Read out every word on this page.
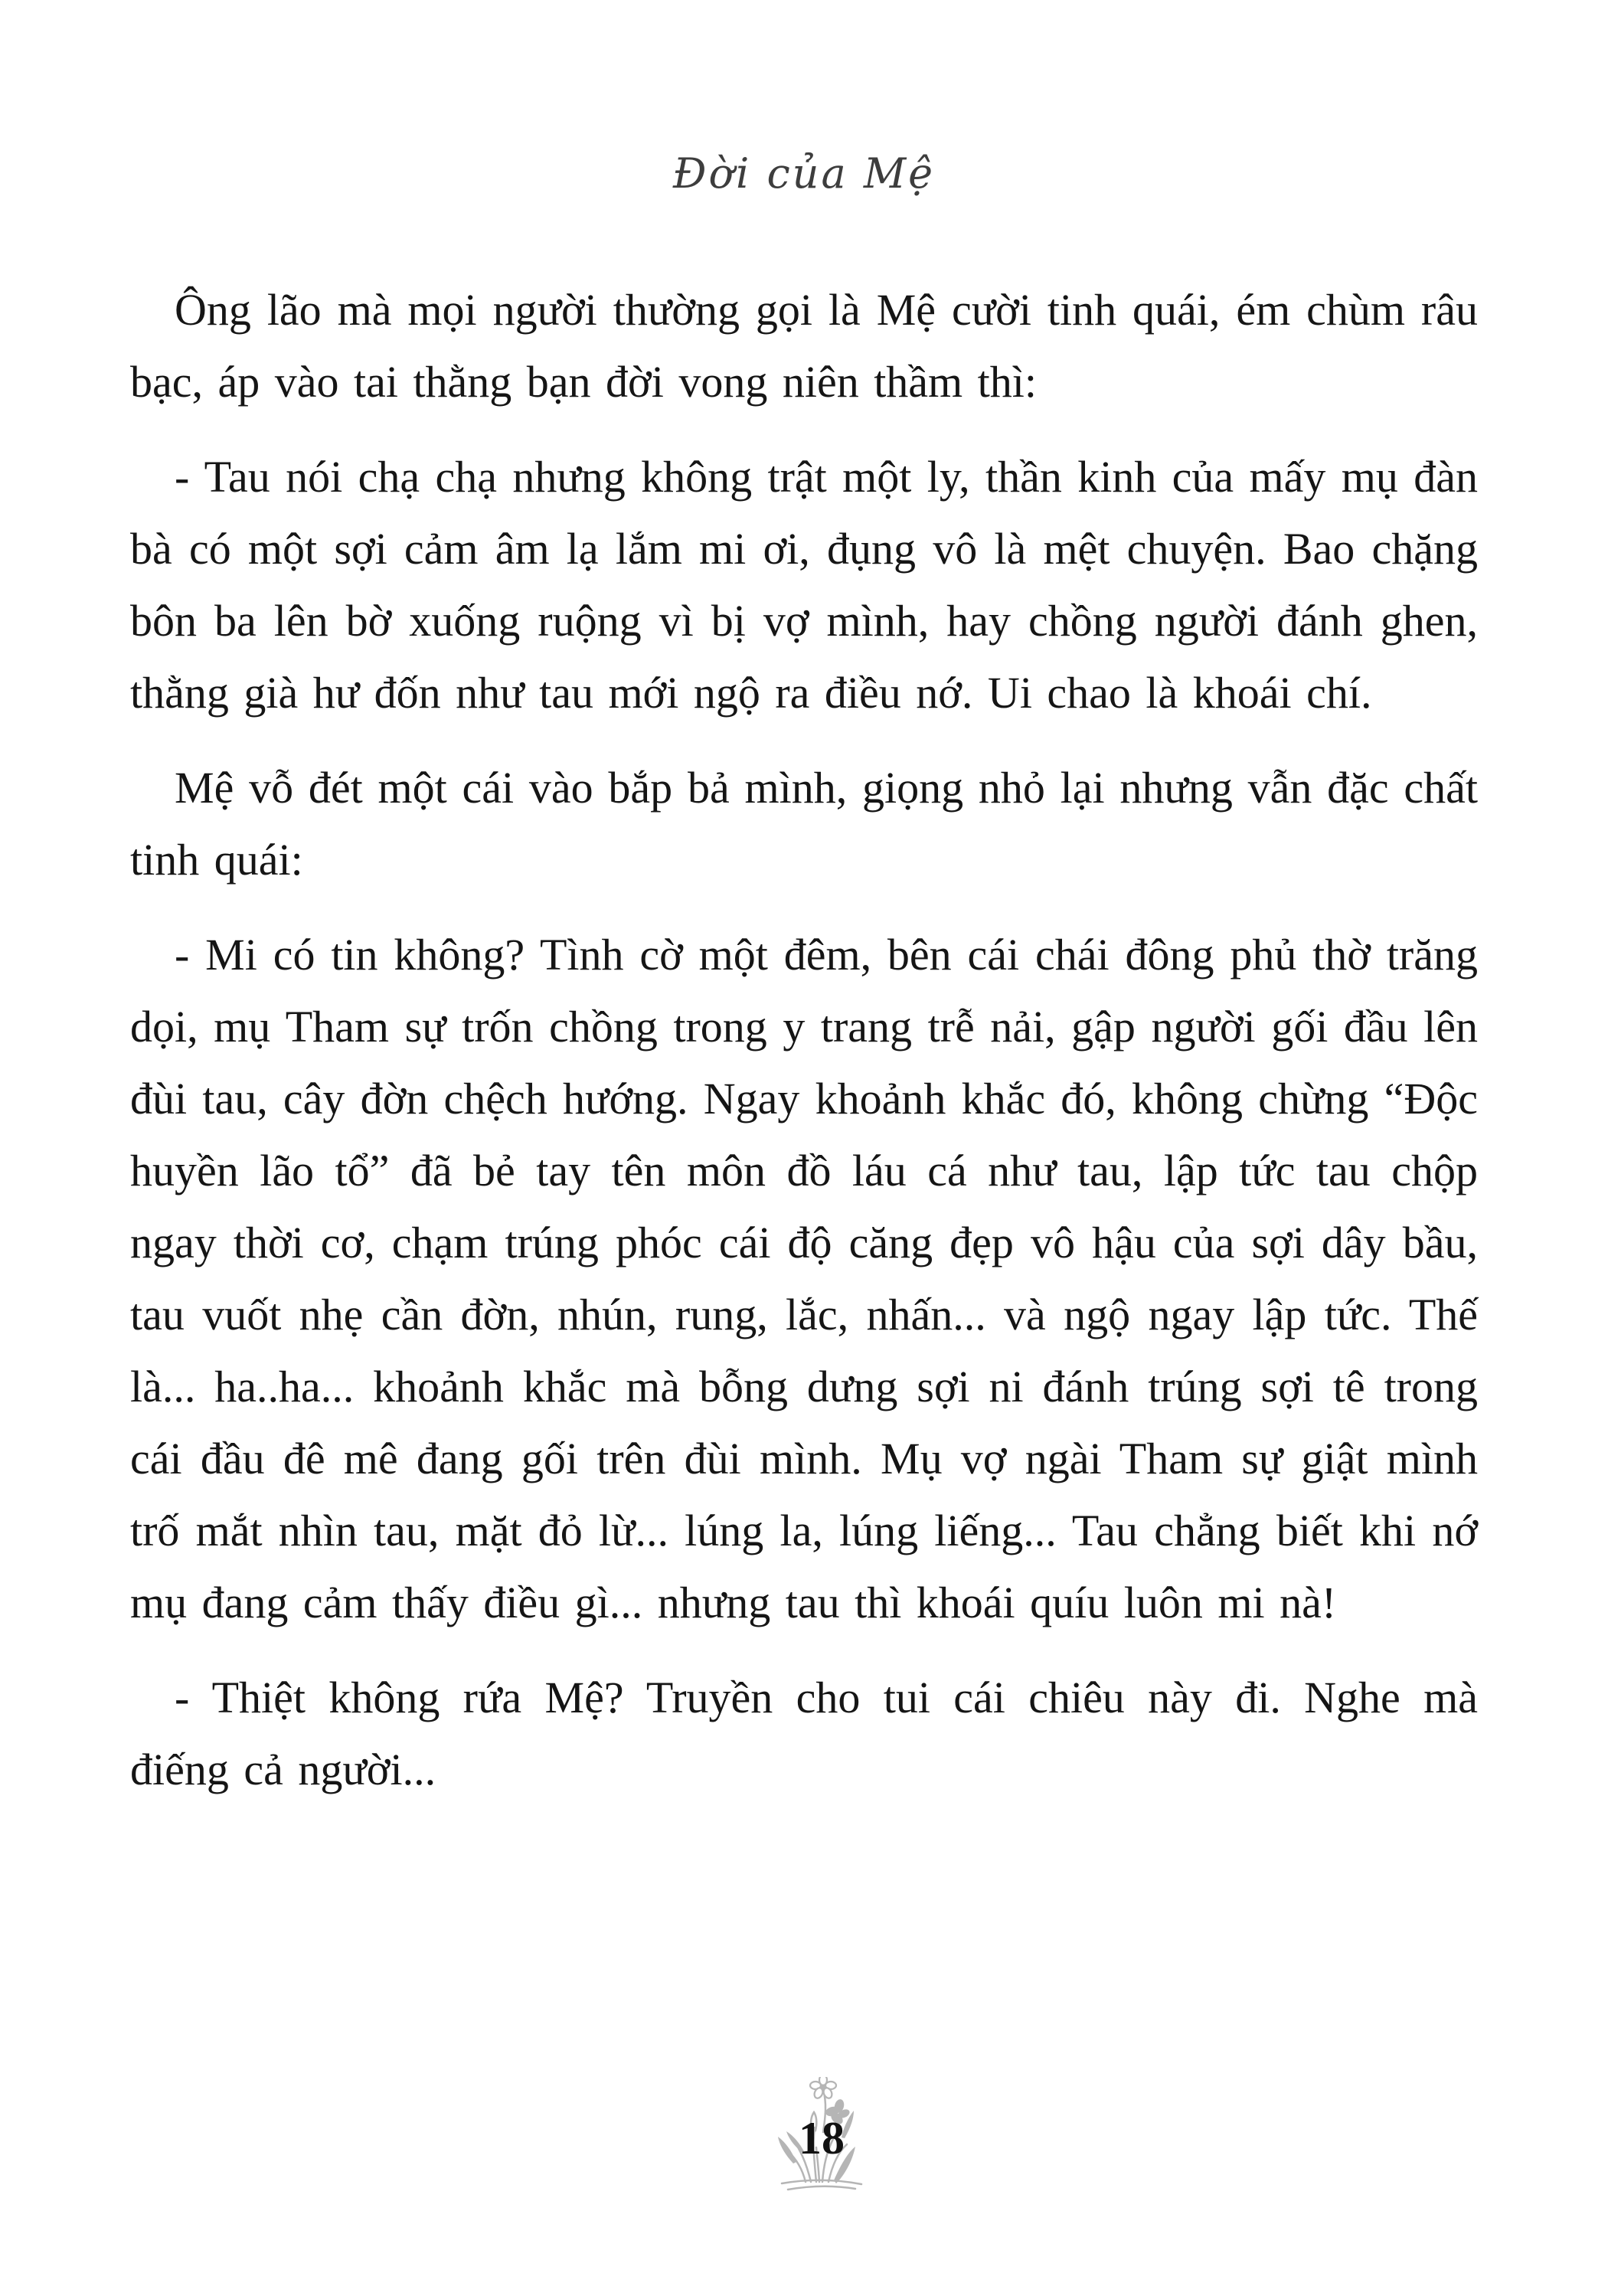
Đời của Mệ

Ông lão mà mọi người thường gọi là Mệ cười tinh quái, ém chùm râu bạc, áp vào tai thằng bạn đời vong niên thầm thì:

- Tau nói chạ chạ nhưng không trật một ly, thần kinh của mấy mụ đàn bà có một sợi cảm âm lạ lắm mi ơi, đụng vô là mệt chuyện. Bao chặng bôn ba lên bờ xuống ruộng vì bị vợ mình, hay chồng người đánh ghen, thằng già hư đốn như tau mới ngộ ra điều nớ. Ui chao là khoái chí.

Mệ vỗ đét một cái vào bắp bả mình, giọng nhỏ lại nhưng vẫn đặc chất tinh quái:

- Mi có tin không? Tình cờ một đêm, bên cái chái đông phủ thờ trăng dọi, mụ Tham sự trốn chồng trong y trang trễ nải, gập người gối đầu lên đùi tau, cây đờn chệch hướng. Ngay khoảnh khắc đó, không chừng “Độc huyền lão tổ” đã bẻ tay tên môn đồ láu cá như tau, lập tức tau chộp ngay thời cơ, chạm trúng phóc cái độ căng đẹp vô hậu của sợi dây bầu, tau vuốt nhẹ cần đờn, nhún, rung, lắc, nhấn... và ngộ ngay lập tức. Thế là... ha..ha... khoảnh khắc mà bỗng dưng sợi ni đánh trúng sợi tê trong cái đầu đê mê đang gối trên đùi mình. Mụ vợ ngài Tham sự giật mình trố mắt nhìn tau, mặt đỏ lừ... lúng la, lúng liếng... Tau chẳng biết khi nớ mụ đang cảm thấy điều gì... nhưng tau thì khoái quíu luôn mi nà!

- Thiệt không rứa Mệ? Truyền cho tui cái chiêu này đi. Nghe mà điếng cả người...

18
